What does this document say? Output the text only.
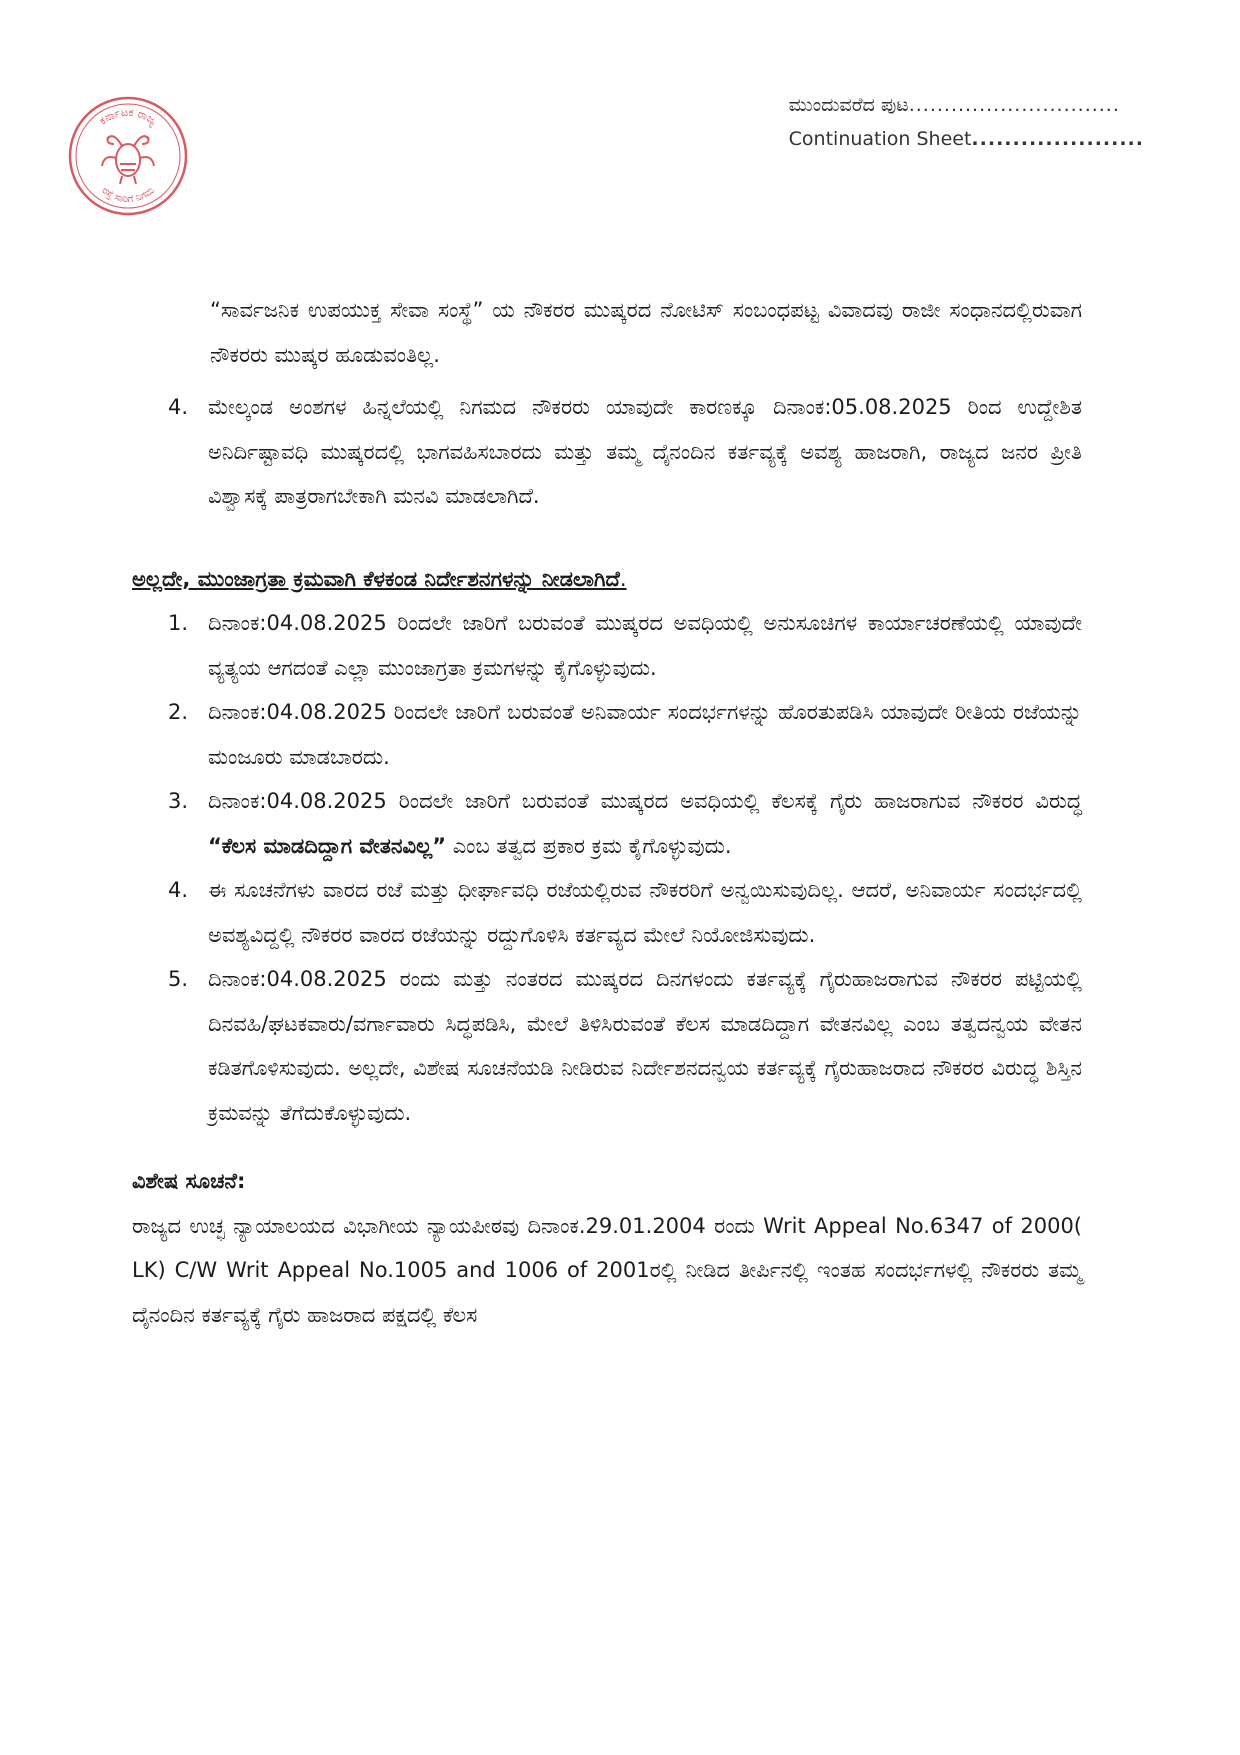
ಕರ್ನಾಟಕ ರಾಜ್ಯ
ರಸ್ತೆ ಸಾರಿಗೆ ನಿಗಮ
ಮುಂದುವರೆದ ಪುಟ..............................
Continuation Sheet.....................

“ಸಾರ್ವಜನಿಕ ಉಪಯುಕ್ತ ಸೇವಾ ಸಂಸ್ಥೆ” ಯ ನೌಕರರ ಮುಷ್ಕರದ ನೋಟಿಸ್ ಸಂಬಂಧಪಟ್ಟ ವಿವಾದವು ರಾಜೀ ಸಂಧಾನದಲ್ಲಿರುವಾಗ ನೌಕರರು ಮುಷ್ಕರ ಹೂಡುವಂತಿಲ್ಲ.

4. ಮೇಲ್ಕಂಡ ಅಂಶಗಳ ಹಿನ್ನಲೆಯಲ್ಲಿ ನಿಗಮದ ನೌಕರರು ಯಾವುದೇ ಕಾರಣಕ್ಕೂ ದಿನಾಂಕ:05.08.2025 ರಿಂದ ಉದ್ದೇಶಿತ ಅನಿರ್ದಿಷ್ಟಾವಧಿ ಮುಷ್ಕರದಲ್ಲಿ ಭಾಗವಹಿಸಬಾರದು ಮತ್ತು ತಮ್ಮ ದೈನಂದಿನ ಕರ್ತವ್ಯಕ್ಕೆ ಅವಶ್ಯ ಹಾಜರಾಗಿ, ರಾಜ್ಯದ ಜನರ ಪ್ರೀತಿ ವಿಶ್ವಾಸಕ್ಕೆ ಪಾತ್ರರಾಗಬೇಕಾಗಿ ಮನವಿ ಮಾಡಲಾಗಿದೆ.
ಅಲ್ಲದೇ, ಮುಂಜಾಗ್ರತಾ ಕ್ರಮವಾಗಿ ಕೆಳಕಂಡ ನಿರ್ದೇಶನಗಳನ್ನು ನೀಡಲಾಗಿದೆ.
1. ದಿನಾಂಕ:04.08.2025 ರಿಂದಲೇ ಜಾರಿಗೆ ಬರುವಂತೆ ಮುಷ್ಕರದ ಅವಧಿಯಲ್ಲಿ ಅನುಸೂಚಿಗಳ ಕಾರ್ಯಾಚರಣೆಯಲ್ಲಿ ಯಾವುದೇ ವ್ಯತ್ಯಯ ಆಗದಂತೆ ಎಲ್ಲಾ ಮುಂಜಾಗ್ರತಾ ಕ್ರಮಗಳನ್ನು ಕೈಗೊಳ್ಳುವುದು.
2. ದಿನಾಂಕ:04.08.2025 ರಿಂದಲೇ ಜಾರಿಗೆ ಬರುವಂತೆ ಅನಿವಾರ್ಯ ಸಂದರ್ಭಗಳನ್ನು ಹೊರತುಪಡಿಸಿ ಯಾವುದೇ ರೀತಿಯ ರಜೆಯನ್ನು ಮಂಜೂರು ಮಾಡಬಾರದು.
3. ದಿನಾಂಕ:04.08.2025 ರಿಂದಲೇ ಜಾರಿಗೆ ಬರುವಂತೆ ಮುಷ್ಕರದ ಅವಧಿಯಲ್ಲಿ ಕೆಲಸಕ್ಕೆ ಗೈರು ಹಾಜರಾಗುವ ನೌಕರರ ವಿರುದ್ಧ “ಕೆಲಸ ಮಾಡದಿದ್ದಾಗ ವೇತನವಿಲ್ಲ” ಎಂಬ ತತ್ವದ ಪ್ರಕಾರ ಕ್ರಮ ಕೈಗೊಳ್ಳುವುದು.
4. ಈ ಸೂಚನೆಗಳು ವಾರದ ರಜೆ ಮತ್ತು ಧೀರ್ಘಾವಧಿ ರಜೆಯಲ್ಲಿರುವ ನೌಕರರಿಗೆ ಅನ್ವಯಿಸುವುದಿಲ್ಲ. ಆದರೆ, ಅನಿವಾರ್ಯ ಸಂದರ್ಭದಲ್ಲಿ ಅವಶ್ಯವಿದ್ದಲ್ಲಿ ನೌಕರರ ವಾರದ ರಜೆಯನ್ನು ರದ್ದುಗೊಳಿಸಿ ಕರ್ತವ್ಯದ ಮೇಲೆ ನಿಯೋಜಿಸುವುದು.
5. ದಿನಾಂಕ:04.08.2025 ರಂದು ಮತ್ತು ನಂತರದ ಮುಷ್ಕರದ ದಿನಗಳಂದು ಕರ್ತವ್ಯಕ್ಕೆ ಗೈರುಹಾಜರಾಗುವ ನೌಕರರ ಪಟ್ಟಿಯಲ್ಲಿ ದಿನವಹಿ/ಘಟಕವಾರು/ವರ್ಗಾವಾರು ಸಿದ್ಧಪಡಿಸಿ, ಮೇಲೆ ತಿಳಿಸಿರುವಂತೆ ಕೆಲಸ ಮಾಡದಿದ್ದಾಗ ವೇತನವಿಲ್ಲ ಎಂಬ ತತ್ವದನ್ವಯ ವೇತನ ಕಡಿತಗೊಳಿಸುವುದು. ಅಲ್ಲದೇ, ವಿಶೇಷ ಸೂಚನೆಯಡಿ ನೀಡಿರುವ ನಿರ್ದೇಶನದನ್ವಯ ಕರ್ತವ್ಯಕ್ಕೆ ಗೈರುಹಾಜರಾದ ನೌಕರರ ವಿರುದ್ಧ ಶಿಸ್ತಿನ ಕ್ರಮವನ್ನು ತೆಗೆದುಕೊಳ್ಳುವುದು.
ವಿಶೇಷ ಸೂಚನೆ:

ರಾಜ್ಯದ ಉಚ್ಛ ನ್ಯಾಯಾಲಯದ ವಿಭಾಗೀಯ ನ್ಯಾಯಪೀಠವು ದಿನಾಂಕ.29.01.2004 ರಂದು Writ Appeal No.6347 of 2000( LK) C/W Writ Appeal No.1005 and 1006 of 2001ರಲ್ಲಿ ನೀಡಿದ ತೀರ್ಪಿನಲ್ಲಿ ಇಂತಹ ಸಂದರ್ಭಗಳಲ್ಲಿ ನೌಕರರು ತಮ್ಮ ದೈನಂದಿನ ಕರ್ತವ್ಯಕ್ಕೆ ಗೈರು ಹಾಜರಾದ ಪಕ್ಷದಲ್ಲಿ ಕೆಲಸ
